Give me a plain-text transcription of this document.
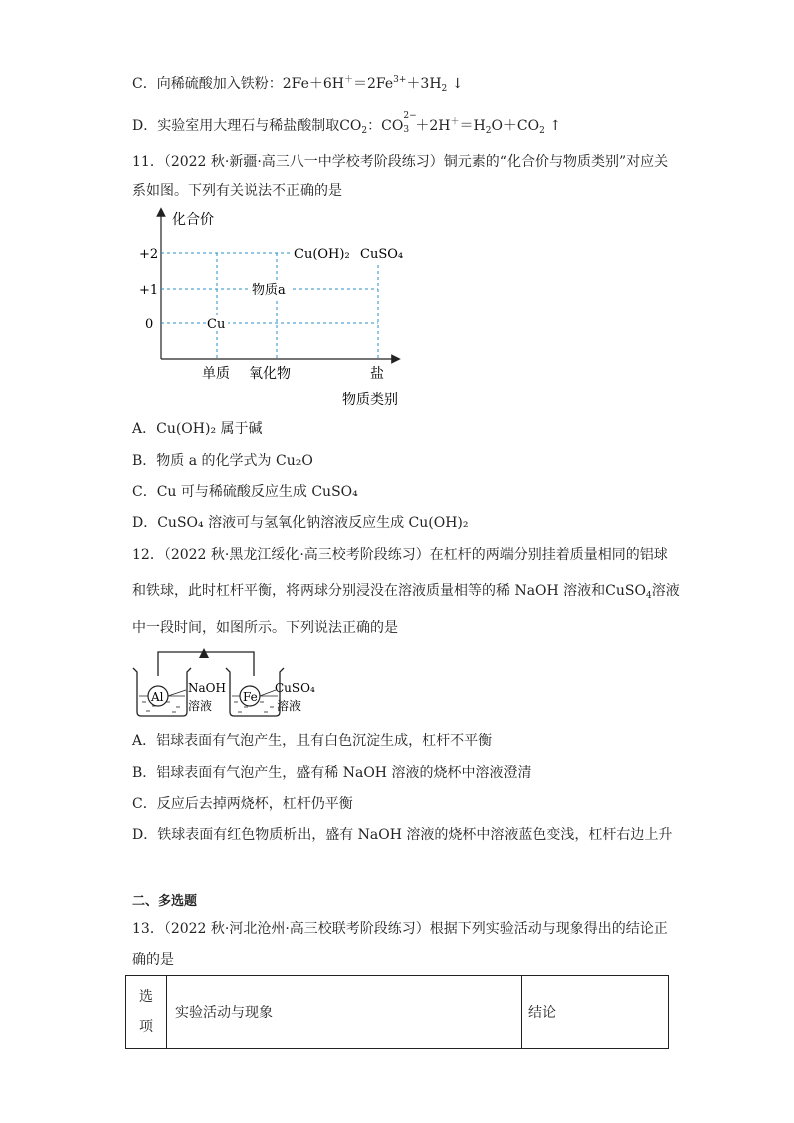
C．向稀硫酸加入铁粉：$2Fe+6H^+=2Fe^{3+}+3H_2$ ↓
D．实验室用大理石与稀盐酸制取$CO_2$：CO
2−
$3 +2H^+=H_2O+CO_2$ ↑
11．（2022 秋·新疆·高三八一中学校考阶段练习）铜元素的“化合价与物质类别”对应关
系如图。下列有关说法不正确的是
化合价
+2
+1
0
单质 氧化物	盐
物质类别
Cu
物质a
Cu(OH)₂ CuSO₄
A．Cu(OH)₂ 属于碱
B．物质 a 的化学式为 Cu₂O
C．Cu 可与稀硫酸反应生成 CuSO₄
D．CuSO₄ 溶液可与氢氧化钠溶液反应生成 Cu(OH)₂
12．（2022 秋·黑龙江绥化·高三校考阶段练习）在杠杆的两端分别挂着质量相同的铝球
和铁球，此时杠杆平衡，将两球分别浸没在溶液质量相等的稀 NaOH 溶液和CuSO$_4$溶液
中一段时间，如图所示。下列说法正确的是
Al
NaOH
溶液
Fe
CuSO₄
溶液
A．铝球表面有气泡产生，且有白色沉淀生成，杠杆不平衡
B．铝球表面有气泡产生，盛有稀 NaOH 溶液的烧杯中溶液澄清
C．反应后去掉两烧杯，杠杆仍平衡
D．铁球表面有红色物质析出，盛有 NaOH 溶液的烧杯中溶液蓝色变浅，杠杆右边上升
二、多选题
13．（2022 秋·河北沧州·高三校联考阶段练习）根据下列实验活动与现象得出的结论正
确的是
选项	实验活动与现象	结论
